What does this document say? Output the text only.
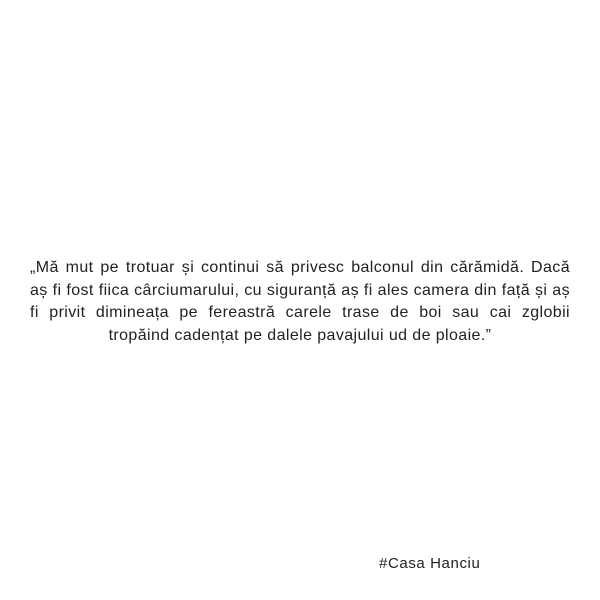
„Mă mut pe trotuar și continui să privesc balconul din cărămidă. Dacă aș fi fost fiica cârciumarului, cu siguranță aș fi ales camera din față și aș fi privit dimineața pe fereastră carele trase de boi sau cai zglobii tropăind cadențat pe dalele pavajului ud de ploaie.”

#Casa Hanciu
